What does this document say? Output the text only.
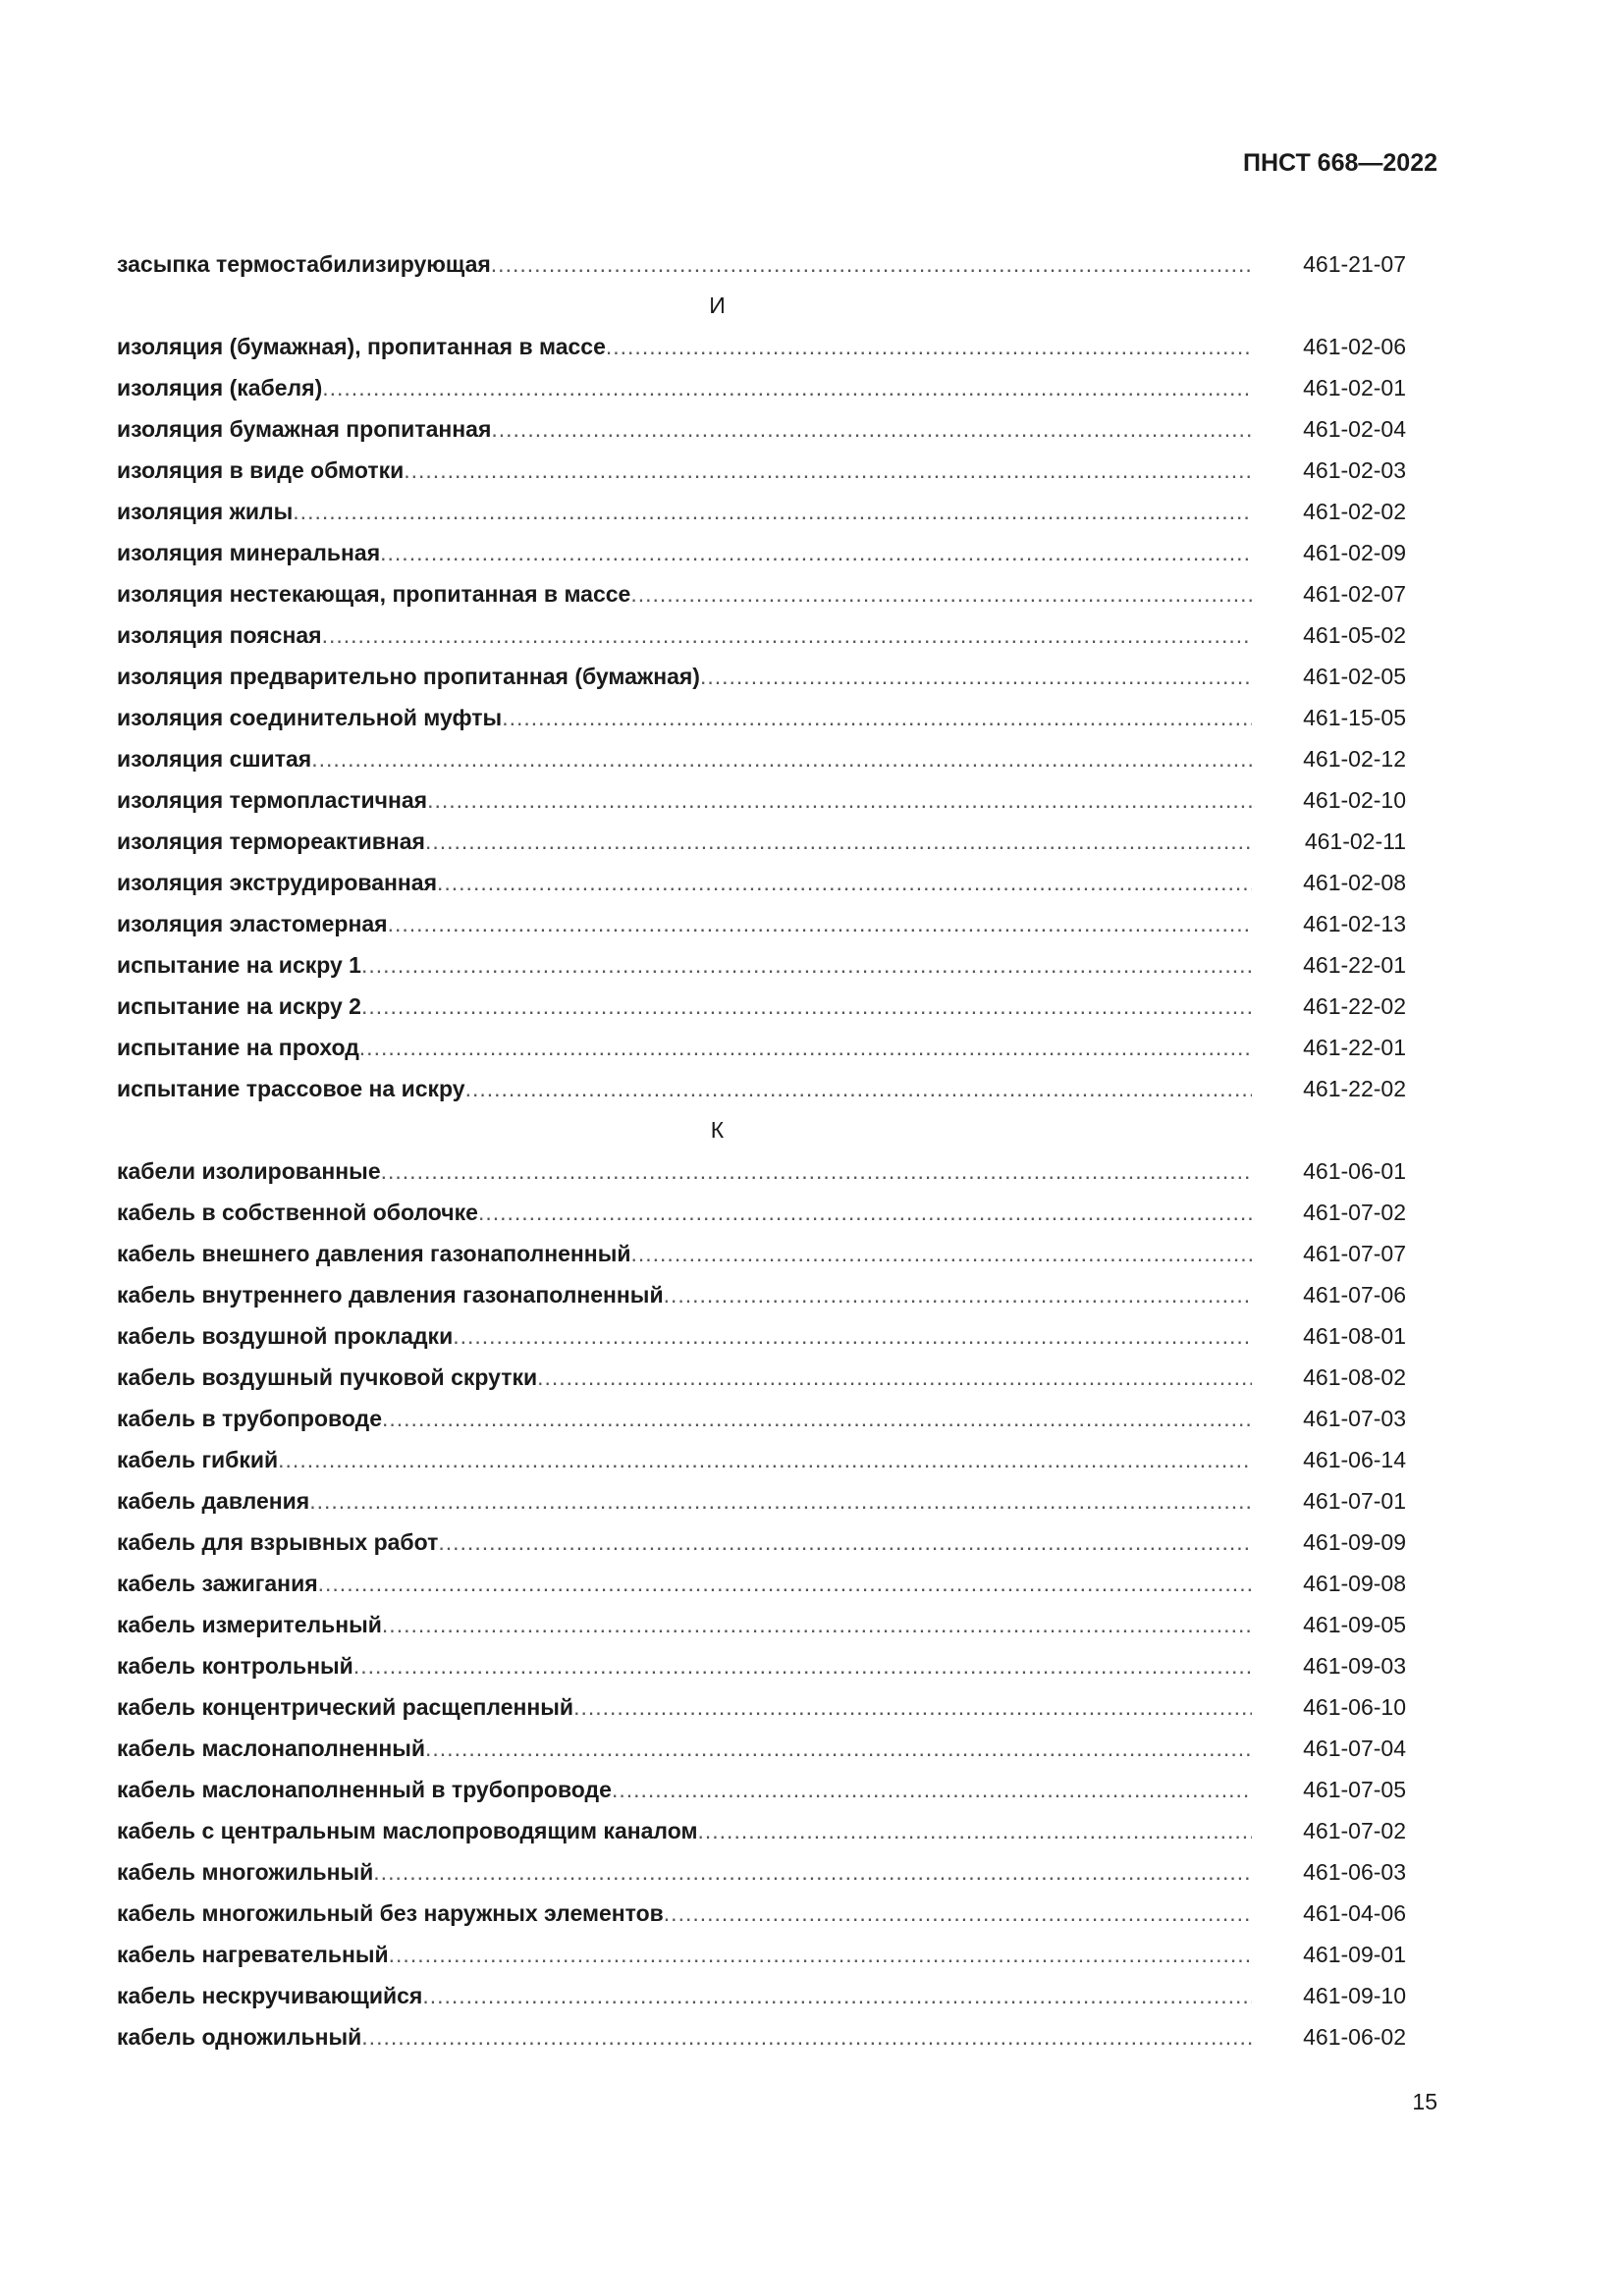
ПНСТ 668—2022
засыпка термостабилизирующая .....	461-21-07
И
изоляция (бумажная), пропитанная в массе .....	461-02-06
изоляция (кабеля) .....	461-02-01
изоляция бумажная пропитанная .....	461-02-04
изоляция в виде обмотки .....	461-02-03
изоляция жилы .....	461-02-02
изоляция минеральная .....	461-02-09
изоляция нестекающая, пропитанная в массе .....	461-02-07
изоляция поясная .....	461-05-02
изоляция предварительно пропитанная (бумажная) .....	461-02-05
изоляция соединительной муфты .....	461-15-05
изоляция сшитая .....	461-02-12
изоляция термопластичная .....	461-02-10
изоляция термореактивная .....	461-02-11
изоляция экструдированная .....	461-02-08
изоляция эластомерная .....	461-02-13
испытание на искру 1 .....	461-22-01
испытание на искру 2 .....	461-22-02
испытание на проход .....	461-22-01
испытание трассовое на искру .....	461-22-02
К
кабели изолированные .....	461-06-01
кабель в собственной оболочке .....	461-07-02
кабель внешнего давления газонаполненный .....	461-07-07
кабель внутреннего давления газонаполненный .....	461-07-06
кабель воздушной прокладки .....	461-08-01
кабель воздушный пучковой скрутки .....	461-08-02
кабель в трубопроводе .....	461-07-03
кабель гибкий .....	461-06-14
кабель давления .....	461-07-01
кабель для взрывных работ .....	461-09-09
кабель зажигания .....	461-09-08
кабель измерительный .....	461-09-05
кабель контрольный .....	461-09-03
кабель концентрический расщепленный .....	461-06-10
кабель маслонаполненный .....	461-07-04
кабель маслонаполненный в трубопроводе .....	461-07-05
кабель с центральным маслопроводящим каналом .....	461-07-02
кабель многожильный .....	461-06-03
кабель многожильный без наружных элементов .....	461-04-06
кабель нагревательный .....	461-09-01
кабель нескручивающийся .....	461-09-10
кабель одножильный .....	461-06-02
15
